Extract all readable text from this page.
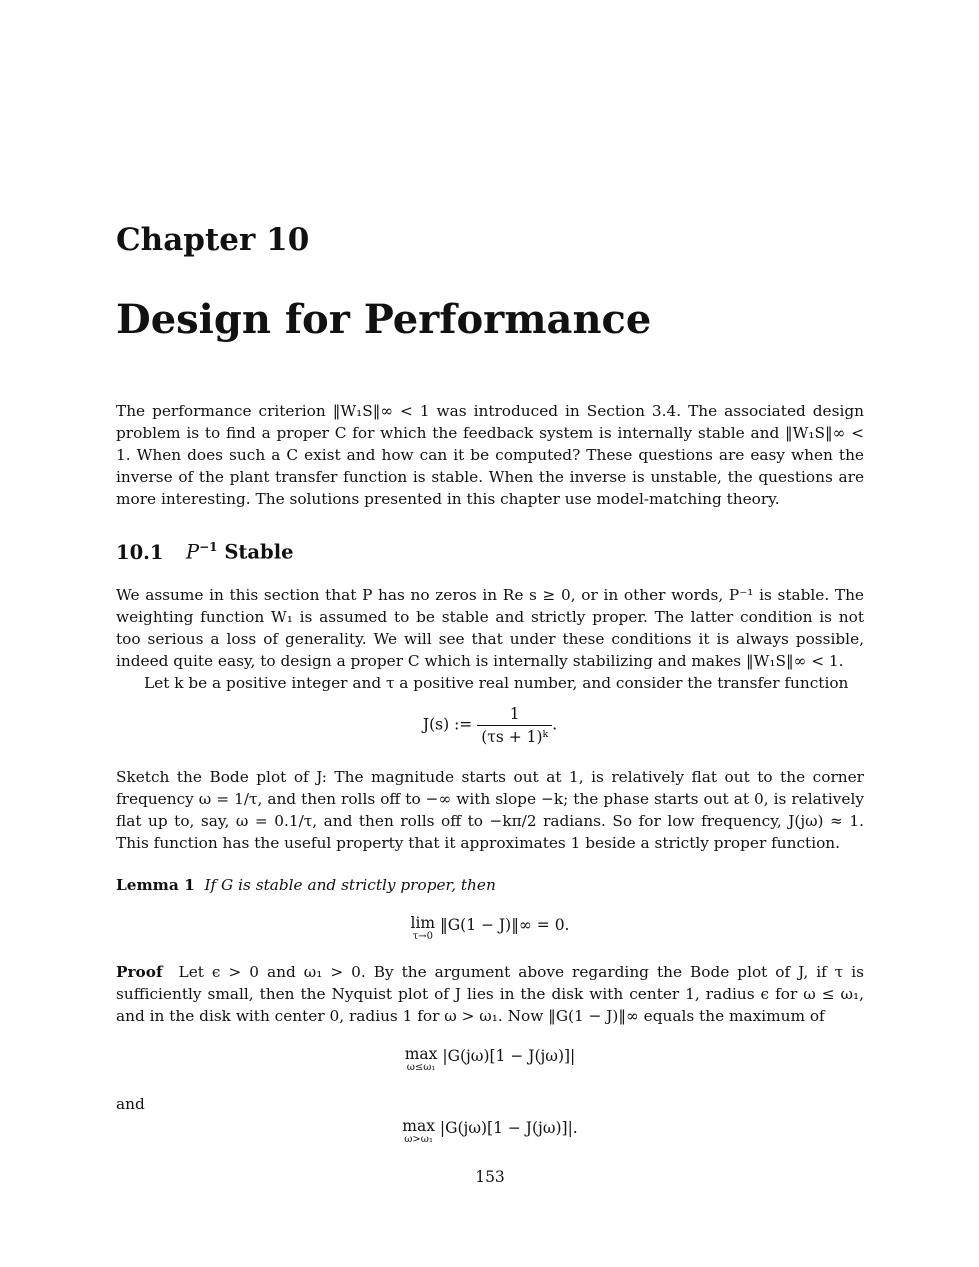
Chapter 10
Design for Performance

The performance criterion ‖W₁S‖∞ < 1 was introduced in Section 3.4. The associated design problem is to find a proper C for which the feedback system is internally stable and ‖W₁S‖∞ < 1. When does such a C exist and how can it be computed? These questions are easy when the inverse of the plant transfer function is stable. When the inverse is unstable, the questions are more interesting. The solutions presented in this chapter use model-matching theory.

10.1 $P^{-1}$ Stable

We assume in this section that P has no zeros in Re s ≥ 0, or in other words, P⁻¹ is stable. The weighting function W₁ is assumed to be stable and strictly proper. The latter condition is not too serious a loss of generality. We will see that under these conditions it is always possible, indeed quite easy, to design a proper C which is internally stabilizing and makes ‖W₁S‖∞ < 1.

Let k be a positive integer and τ a positive real number, and consider the transfer function

J(s) := $\frac{1}{\text{(τs + 1)ᵏ}}$ .

Sketch the Bode plot of J: The magnitude starts out at 1, is relatively flat out to the corner frequency ω = 1/τ, and then rolls off to −∞ with slope −k; the phase starts out at 0, is relatively flat up to, say, ω = 0.1/τ, and then rolls off to −kπ/2 radians. So for low frequency, J(jω) ≈ 1. This function has the useful property that it approximates 1 beside a strictly proper function.

Lemma 1 If G is stable and strictly proper, then

lim
τ→0
‖G(1 − J)‖∞ = 0.

Proof Let ϵ > 0 and ω₁ > 0. By the argument above regarding the Bode plot of J, if τ is sufficiently small, then the Nyquist plot of J lies in the disk with center 1, radius ϵ for ω ≤ ω₁, and in the disk with center 0, radius 1 for ω > ω₁. Now ‖G(1 − J)‖∞ equals the maximum of

max
ω≤ω₁
|G(jω)[1 − J(jω)]|

and

max
ω>ω₁
|G(jω)[1 − J(jω)]|.
153
